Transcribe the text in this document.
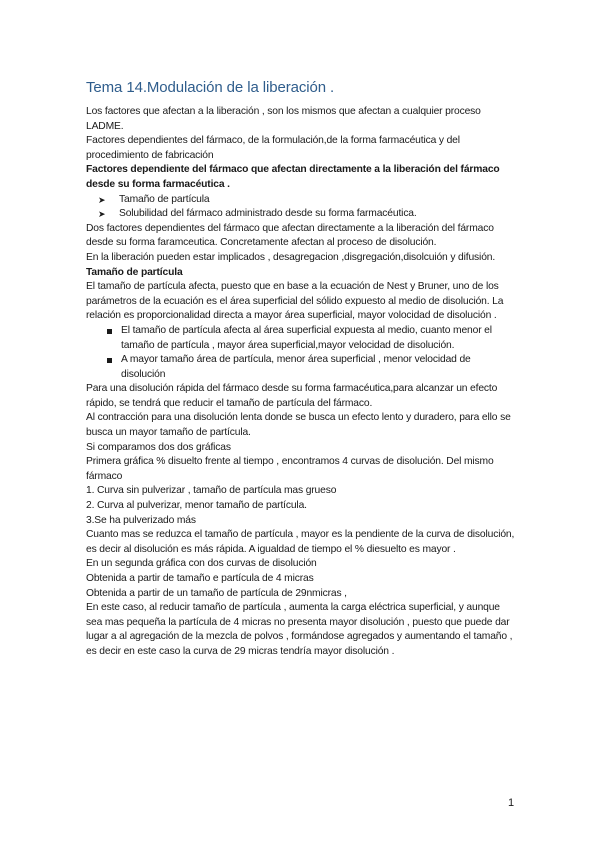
Tema 14.Modulación de la liberación .

Los factores que afectan a la liberación , son los mismos que afectan a cualquier proceso LADME.

Factores dependientes del fármaco, de la formulación,de la forma farmacéutica y del procedimiento de fabricación

Factores dependiente del fármaco que afectan directamente a la liberación del fármaco desde su forma farmacéutica .

➤ Tamaño de partícula
➤ Solubilidad del fármaco administrado desde su forma farmacéutica.

Dos factores dependientes del fármaco que afectan directamente a la liberación del fármaco desde su forma faramceutica. Concretamente afectan al proceso de disolución.

En la liberación pueden estar implicados , desagregacion ,disgregación,disolcuión y difusión.

Tamaño de partícula

El tamaño de partícula afecta, puesto que en base a la ecuación de Nest y Bruner, uno de los parámetros de la ecuación es el área superficial del sólido expuesto al medio de disolución. La relación es proporcionalidad directa a mayor área superficial, mayor volocidad de disolución .

El tamaño de partícula afecta al área superficial expuesta al medio, cuanto menor el tamaño de partícula , mayor área superficial,mayor velocidad de disolución.
A mayor tamaño área de partícula, menor área superficial , menor velocidad de disolución

Para una disolución rápida del fármaco desde su forma farmacéutica,para alcanzar un efecto rápido, se tendrá que reducir el tamaño de partícula del fármaco.

Al contracción para una disolución lenta donde se busca un efecto lento y duradero, para ello se busca un mayor tamaño de partícula.

Si comparamos dos dos gráficas

Primera gráfica % disuelto frente al tiempo , encontramos 4 curvas de disolución. Del mismo fármaco

1. Curva sin pulverizar , tamaño de partícula mas grueso

2. Curva al pulverizar, menor tamaño de partícula.

3.Se ha pulverizado más

Cuanto mas se reduzca el tamaño de partícula , mayor es la pendiente de la curva de disolución, es decir al disolución es más rápida. A igualdad de tiempo el % diesuelto es mayor .

En un segunda gráfica con dos curvas de disolución

Obtenida a partir de tamaño e partícula de 4 micras

Obtenida a partir de un tamaño de partícula de 29nmicras ,

En este caso, al reducir tamaño de partícula , aumenta la carga eléctrica superficial, y aunque sea mas pequeña la partícula de 4 micras no presenta mayor disolución , puesto que puede dar lugar a al agregación de la mezcla de polvos , formándose agregados y aumentando el tamaño , es decir en este caso la curva de 29 micras tendría mayor disolución .

1
